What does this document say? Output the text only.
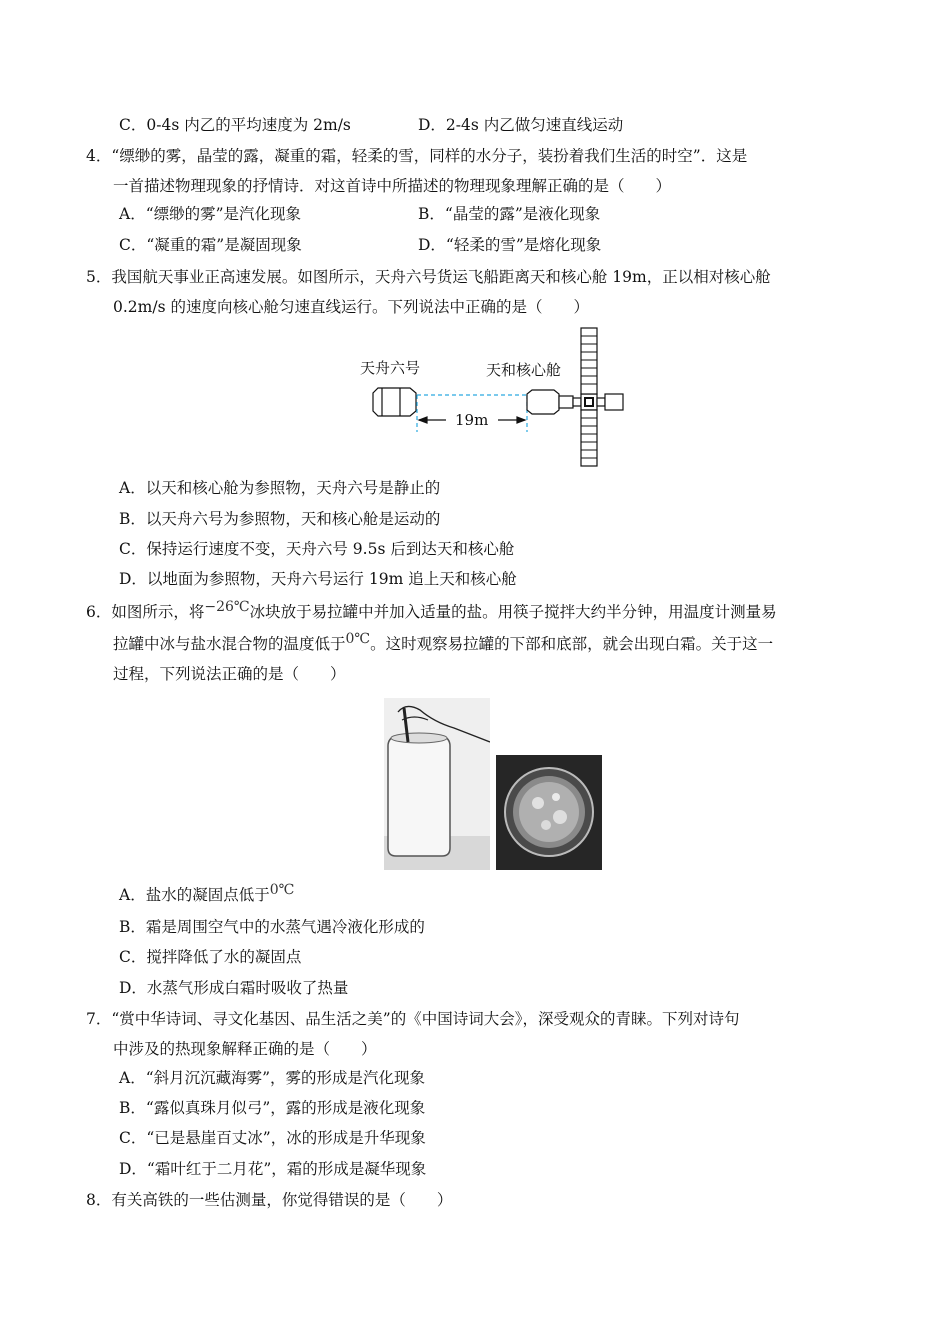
C．0-4s 内乙的平均速度为 2m/s	D．2-4s 内乙做匀速直线运动
4．“缥缈的雾，晶莹的露，凝重的霜，轻柔的雪，同样的水分子，装扮着我们生活的时空”．这是
一首描述物理现象的抒情诗．对这首诗中所描述的物理现象理解正确的是（　　）
A．“缥缈的雾”是汽化现象	B．“晶莹的露”是液化现象
C．“凝重的霜”是凝固现象	D．“轻柔的雪”是熔化现象
5．我国航天事业正高速发展。如图所示，天舟六号货运飞船距离天和核心舱 19m，正以相对核心舱
0.2m/s 的速度向核心舱匀速直线运行。下列说法中正确的是（　　）
天舟六号	天和核心舱
19m
A．以天和核心舱为参照物，天舟六号是静止的
B．以天舟六号为参照物，天和核心舱是运动的
C．保持运行速度不变，天舟六号 9.5s 后到达天和核心舱
D．以地面为参照物，天舟六号运行 19m 追上天和核心舱
6．如图所示，将−26℃冰块放于易拉罐中并加入适量的盐。用筷子搅拌大约半分钟，用温度计测量易
拉罐中冰与盐水混合物的温度低于0℃。这时观察易拉罐的下部和底部，就会出现白霜。关于这一
过程，下列说法正确的是（　　）
A．盐水的凝固点低于0℃
B．霜是周围空气中的水蒸气遇冷液化形成的
C．搅拌降低了水的凝固点
D．水蒸气形成白霜时吸收了热量
7．“赏中华诗词、寻文化基因、品生活之美”的《中国诗词大会》，深受观众的青睐。下列对诗句
中涉及的热现象解释正确的是（　　）
A．“斜月沉沉藏海雾”，雾的形成是汽化现象
B．“露似真珠月似弓”，露的形成是液化现象
C．“已是悬崖百丈冰”，冰的形成是升华现象
D．“霜叶红于二月花”，霜的形成是凝华现象
8．有关高铁的一些估测量，你觉得错误的是（　　）
